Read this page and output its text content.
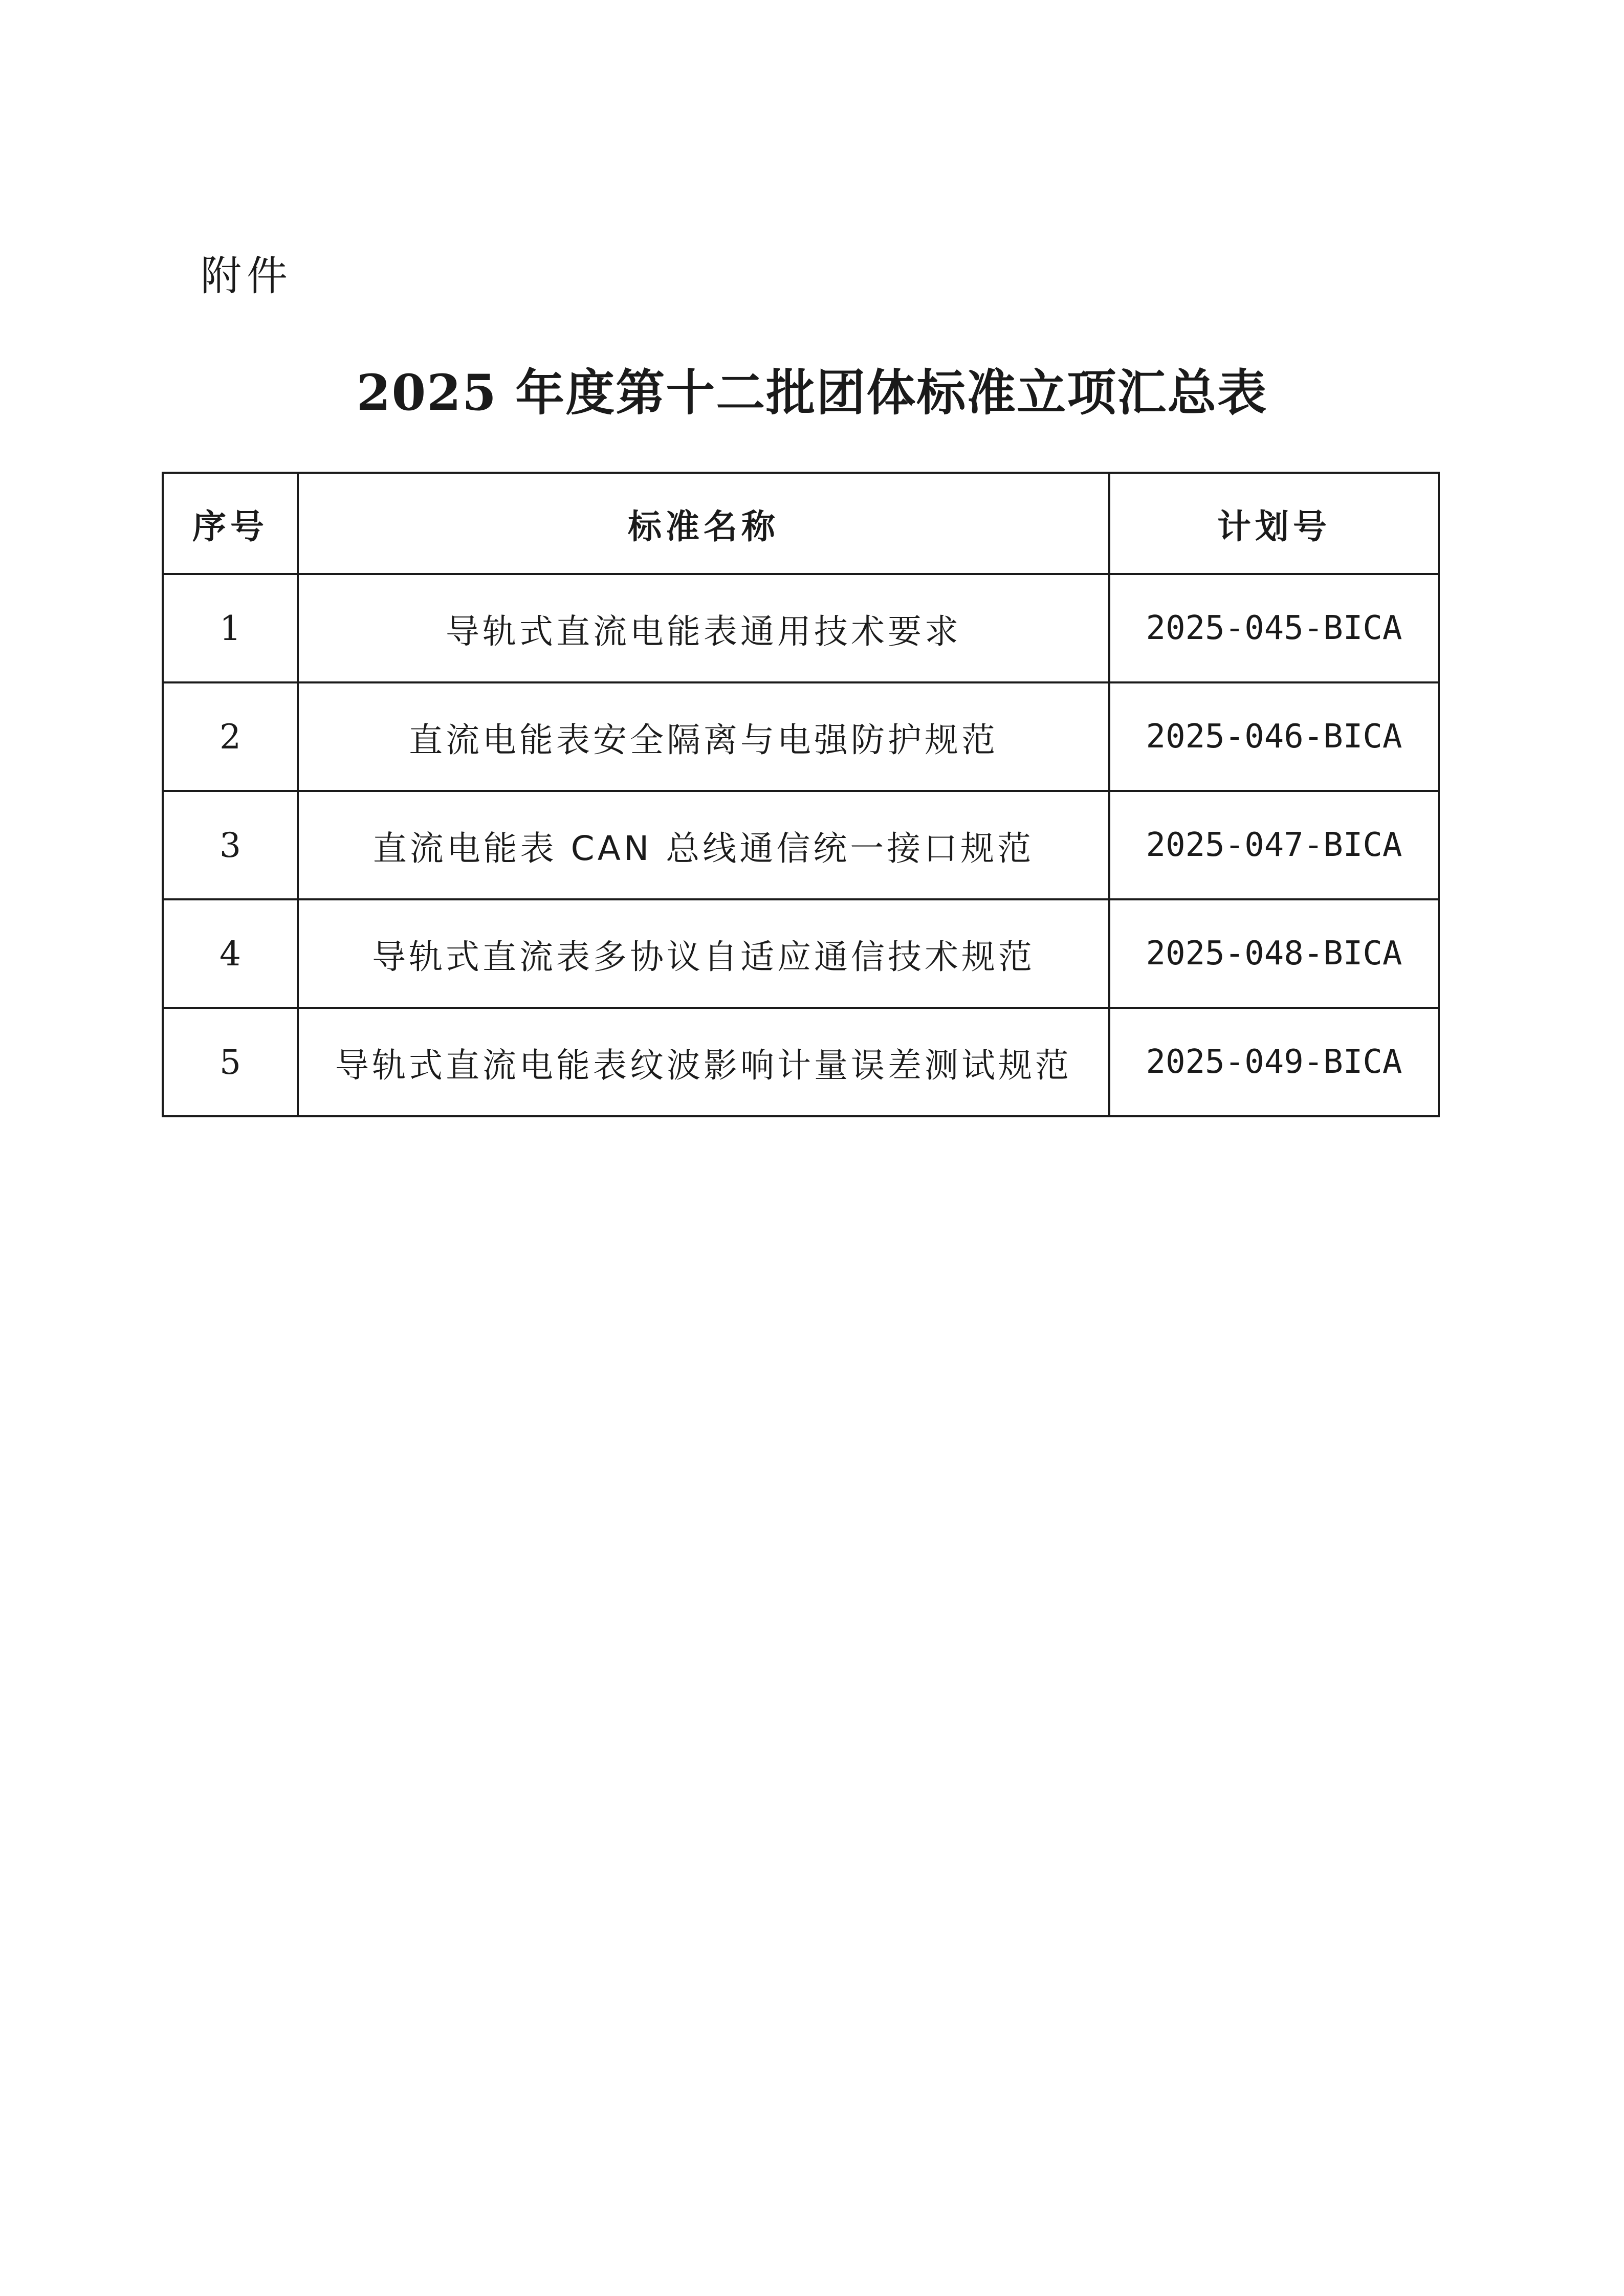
附件
2025 年度第十二批团体标准立项汇总表
序号	标准名称	计划号
1	导轨式直流电能表通用技术要求	2025-045-BICA
2	直流电能表安全隔离与电强防护规范	2025-046-BICA
3	直流电能表 CAN 总线通信统一接口规范	2025-047-BICA
4	导轨式直流表多协议自适应通信技术规范	2025-048-BICA
5	导轨式直流电能表纹波影响计量误差测试规范	2025-049-BICA
